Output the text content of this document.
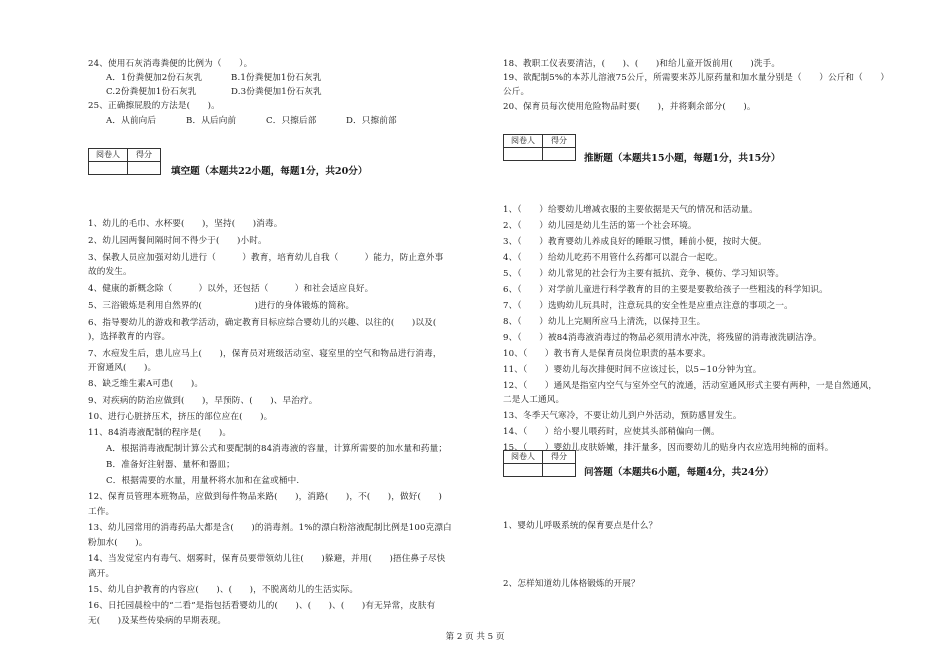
24、使用石灰消毒粪便的比例为（　　）。
A．1份粪便加2份石灰乳	B.1份粪便加1份石灰乳
C.2份粪便加1份石灰乳	D.3份粪便加1份石灰乳
25、正确擦屁股的方法是(　　)。
A．从前向后	B．从后向前	C．只擦后部	D．只擦前部
阅卷人	得分

填空题（本题共22小题，每题1分，共20分）
1、幼儿的毛巾、水杯要(　　)，坚持(　　)消毒。
2、幼儿园两餐间隔时间不得少于(　　)小时。
3、保教人员应加强对幼儿进行（　　　）教育，培育幼儿自我（　　　）能力，防止意外事
故的发生。
4、健康的新概念除（　　　）以外，还包括（　　　）和社会适应良好。
5、三浴锻炼是利用自然界的(　　　　　　)进行的身体锻炼的简称。
6、指导婴幼儿的游戏和教学活动，确定教育目标应综合婴幼儿的兴趣、以往的(　　)以及(　　
)，选择教育的内容。
7、水痘发生后，患儿应马上(　　)，保育员对班级活动室、寝室里的空气和物品进行消毒，
开窗通风(　　)。
8、缺乏维生素A可患(　　)。
9、对疾病的防治应做到(　　)，早预防、(　　)、早治疗。
10、进行心脏挤压术，挤压的部位应在(　　)。
11、84消毒液配制的程序是(　　)。
A．根据消毒液配制计算公式和要配制的84消毒液的容量，计算所需要的加水量和药量；
B．准备好注射器、量杯和器皿；
C．根据需要的水量，用量杯将水加和在盆或桶中.
12、保育员管理本班物品，应做到每件物品来路(　　)，消路(　　)，不(　　)，做好(　　)
工作。
13、幼儿园常用的消毒药品大都是含(　　)的消毒剂。1%的漂白粉溶液配制比例是100克漂白
粉加水(　　)。
14、当发觉室内有毒气、烟雾时，保育员要带领幼儿往(　　)躲避，并用(　　)捂住鼻子尽快
离开。
15、幼儿自护教育的内容应(　　)、(　　)，不脱离幼儿的生活实际。
16、日托园晨检中的“二看”是指包括看婴幼儿的(　　)、(　　)、(　　)有无异常，皮肤有
无(　　)及某些传染病的早期表现。
18、教职工仪表要清洁，(　　)、(　　)和给儿童开饭前用(　　)洗手。
19、欲配制5%的本苏儿溶液75公斤，所需要来苏儿原药量和加水量分别是（　　）公斤和（　　）
公斤。
20、保育员每次使用危险物品时要(　　)，并将剩余部分(　　)。
阅卷人	得分

推断题（本题共15小题，每题1分，共15分）
1、（　　）给婴幼儿增减衣服的主要依据是天气的情况和活动量。
2、（　　）幼儿园是幼儿生活的第一个社会环境。
3、（　　）教育婴幼儿养成良好的睡眠习惯，睡前小便，按时大便。
4、（　　）给幼儿吃药不用管什么药都可以混合一起吃。
5、（　　）幼儿常见的社会行为主要有抵抗、竞争、模仿、学习知识等。
6、（　　）对学前儿童进行科学教育的目的主要是要教给孩子一些粗浅的科学知识。
7、（　　）选购幼儿玩具时，注意玩具的安全性是应重点注意的事项之一。
8、（　　）幼儿上完厕所应马上清洗，以保持卫生。
9、（　　）被84消毒液消毒过的物品必须用清水冲洗，将残留的消毒液洗刷洁净。
10、（　　）教书育人是保育员岗位职责的基本要求。
11、（　　）婴幼儿每次排便时间不应该过长，以5~10分钟为宜。
12、（　　）通风是指室内空气与室外空气的流通，活动室通风形式主要有两种，一是自然通风，
二是人工通风。
13、冬季天气寒冷，不要让幼儿到户外活动，预防感冒发生。
14、（　　）给小婴儿喂药时，应使其头部稍偏向一侧。
15、（　　）婴幼儿皮肤娇嫩，排汗量多，因而婴幼儿的贴身内衣应选用纯棉的面料。
阅卷人	得分

问答题（本题共6小题，每题4分，共24分）
1、婴幼儿呼吸系统的保育要点是什么？
2、怎样知道幼儿体格锻炼的开展？
第 2 页 共 5 页
